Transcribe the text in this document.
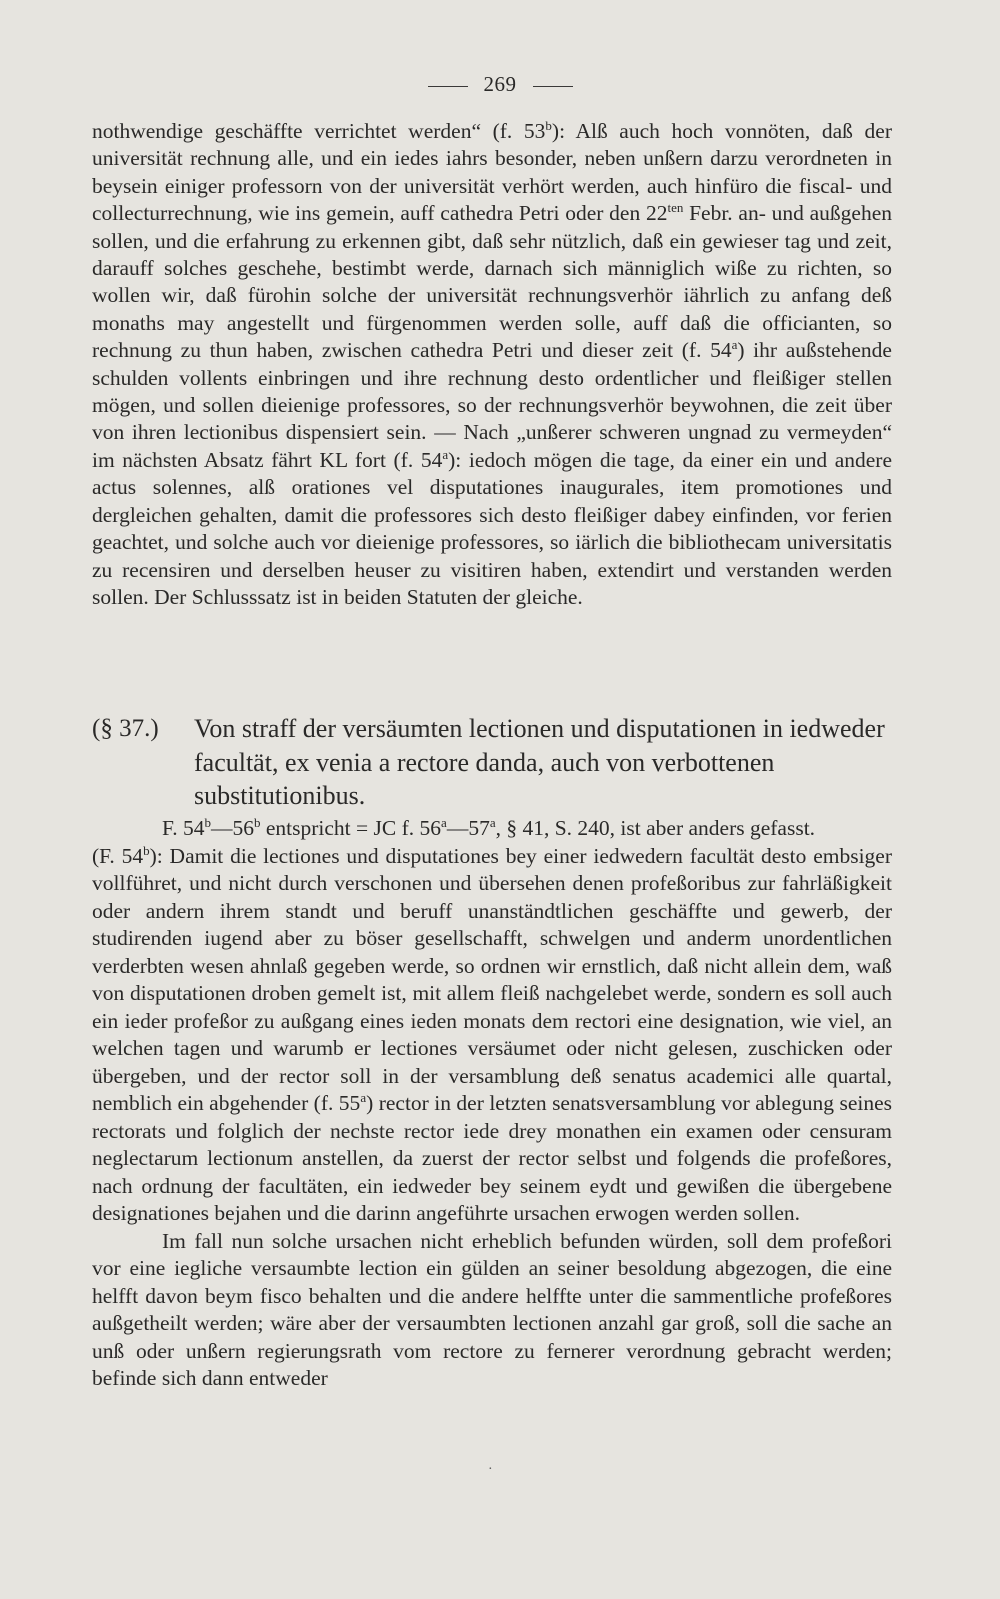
269

nothwendige geschäffte verrichtet werden“ (f. 53$^b$): Alß auch hoch vonnöten, daß der universität rechnung alle, und ein iedes iahrs besonder, neben unßern darzu verordneten in beysein einiger professorn von der universität verhört werden, auch hinfüro die fiscal- und collecturrechnung, wie ins gemein, auff cathedra Petri oder den $22^{ten}$ Febr. an- und außgehen sollen, und die erfahrung zu erkennen gibt, daß sehr nützlich, daß ein gewieser tag und zeit, darauff solches geschehe, bestimbt werde, darnach sich männiglich wiße zu richten, so wollen wir, daß fürohin solche der universität rechnungsverhör iährlich zu anfang deß monaths may angestellt und fürgenommen werden solle, auff daß die officianten, so rechnung zu thun haben, zwischen cathedra Petri und dieser zeit (f. 54$^a$) ihr außstehende schulden vollents einbringen und ihre rechnung desto ordentlicher und fleißiger stellen mögen, und sollen dieienige professores, so der rechnungsverhör beywohnen, die zeit über von ihren lectionibus dispensiert sein. — Nach „unßerer schweren ungnad zu vermeyden“ im nächsten Absatz fährt KL fort (f. 54$^a$): iedoch mögen die tage, da einer ein und andere actus solennes, alß orationes vel disputationes inaugurales, item promotiones und dergleichen gehalten, damit die professores sich desto fleißiger dabey einfinden, vor ferien geachtet, und solche auch vor dieienige professores, so iärlich die bibliothecam universitatis zu recensiren und derselben heuser zu visitiren haben, extendirt und verstanden werden sollen. Der Schlusssatz ist in beiden Statuten der gleiche.

(§ 37.) Von straff der versäumten lectionen und disputationen in iedweder facultät, ex venia a rectore danda, auch von verbottenen substitutionibus.

F. 54$^b$—56$^b$ entspricht = JC f. 56$^a$—57$^a$, § 41, S. 240, ist aber anders gefasst.

(F. 54$^b$): Damit die lectiones und disputationes bey einer iedwedern facultät desto embsiger vollführet, und nicht durch verschonen und übersehen denen profeßoribus zur fahrläßigkeit oder andern ihrem standt und beruff unanständtlichen geschäffte und gewerb, der studirenden iugend aber zu böser gesellschafft, schwelgen und anderm unordentlichen verderbten wesen ahnlaß gegeben werde, so ordnen wir ernstlich, daß nicht allein dem, waß von disputationen droben gemelt ist, mit allem fleiß nachgelebet werde, sondern es soll auch ein ieder profeßor zu außgang eines ieden monats dem rectori eine designation, wie viel, an welchen tagen und warumb er lectiones versäumet oder nicht gelesen, zuschicken oder übergeben, und der rector soll in der versamblung deß senatus academici alle quartal, nemblich ein abgehender (f. 55$^a$) rector in der letzten senatsversamblung vor ablegung seines rectorats und folglich der nechste rector iede drey monathen ein examen oder censuram neglectarum lectionum anstellen, da zuerst der rector selbst und folgends die profeßores, nach ordnung der facultäten, ein iedweder bey seinem eydt und gewißen die übergebene designationes bejahen und die darinn angeführte ursachen erwogen werden sollen.

Im fall nun solche ursachen nicht erheblich befunden würden, soll dem profeßori vor eine iegliche versaumbte lection ein gülden an seiner besoldung abgezogen, die eine helfft davon beym fisco behalten und die andere helffte unter die sammentliche profeßores außgetheilt werden; wäre aber der versaumbten lectionen anzahl gar groß, soll die sache an unß oder unßern regierungsrath vom rectore zu fernerer verordnung gebracht werden; befinde sich dann entweder

·
